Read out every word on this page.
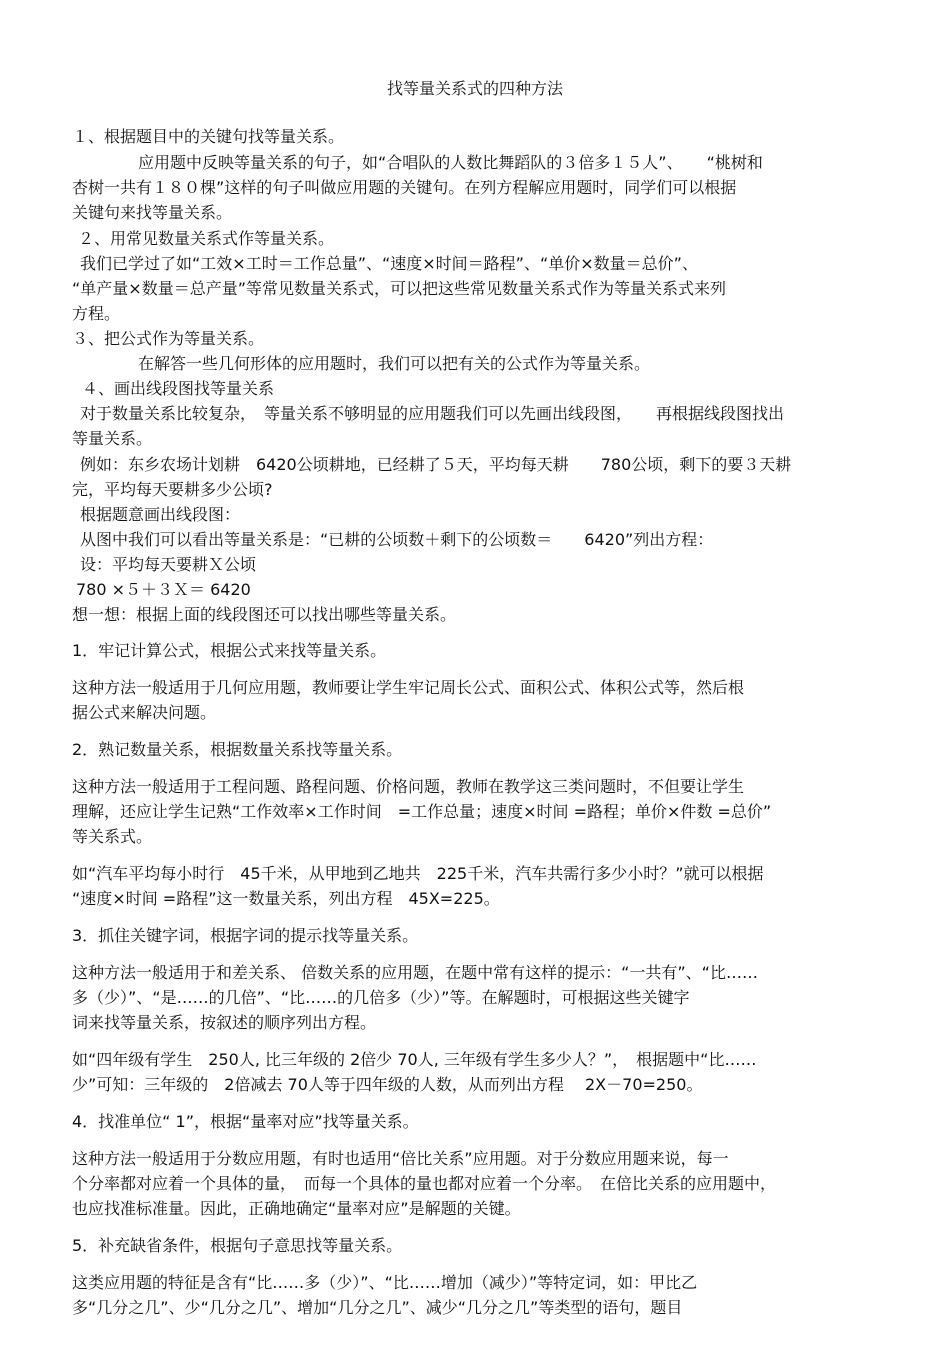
找等量关系式的四种方法
１、根据题目中的关键句找等量关系。
应用题中反映等量关系的句子，如“合唱队的人数比舞蹈队的３倍多１５人”、　　“桃树和
杏树一共有１８０棵”这样的句子叫做应用题的关键句。在列方程解应用题时，同学们可以根据
关键句来找等量关系。
２、用常见数量关系式作等量关系。
我们已学过了如“工效×工时＝工作总量”、“速度×时间＝路程”、“单价×数量＝总价”、
“单产量×数量＝总产量”等常见数量关系式，可以把这些常见数量关系式作为等量关系式来列
方程。
３、把公式作为等量关系。
在解答一些几何形体的应用题时，我们可以把有关的公式作为等量关系。
４、画出线段图找等量关系
对于数量关系比较复杂，　等量关系不够明显的应用题我们可以先画出线段图，　　再根据线段图找出
等量关系。
例如：东乡农场计划耕　6420公顷耕地，已经耕了５天，平均每天耕　　780公顷，剩下的要３天耕
完，平均每天要耕多少公顷?
根据题意画出线段图：
从图中我们可以看出等量关系是：“已耕的公顷数＋剩下的公顷数＝　　6420”列出方程：
设：平均每天要耕Ｘ公顷
780 ×５＋３Ｘ＝ 6420
想一想：根据上面的线段图还可以找出哪些等量关系。
1．牢记计算公式，根据公式来找等量关系。
这种方法一般适用于几何应用题，教师要让学生牢记周长公式、面积公式、体积公式等，然后根
据公式来解决问题。
2．熟记数量关系，根据数量关系找等量关系。
这种方法一般适用于工程问题、路程问题、价格问题，教师在教学这三类问题时，不但要让学生
理解，还应让学生记熟“工作效率×工作时间　=工作总量；速度×时间 =路程；单价×件数 =总价”
等关系式。
如“汽车平均每小时行　45千米，从甲地到乙地共　225千米，汽车共需行多少小时？”就可以根据
“速度×时间 =路程”这一数量关系，列出方程　45X=225。
3．抓住关键字词，根据字词的提示找等量关系。
这种方法一般适用于和差关系、 倍数关系的应用题，在题中常有这样的提示：“一共有”、“比……
多（少）”、“是……的几倍”、“比……的几倍多（少）”等。在解题时，可根据这些关键字
词来找等量关系，按叙述的顺序列出方程。
如“四年级有学生　250人, 比三年级的 2倍少 70人, 三年级有学生多少人？”，　根据题中“比……
少”可知：三年级的　2倍减去 70人等于四年级的人数，从而列出方程　 2X－70=250。
4．找准单位“ 1”，根据“量率对应”找等量关系。
这种方法一般适用于分数应用题，有时也适用“倍比关系”应用题。对于分数应用题来说，每一
个分率都对应着一个具体的量，　而每一个具体的量也都对应着一个分率。　在倍比关系的应用题中，
也应找准标准量。因此，正确地确定“量率对应”是解题的关键。
5．补充缺省条件，根据句子意思找等量关系。
这类应用题的特征是含有“比……多（少）”、“比……增加（减少）”等特定词，如：甲比乙
多“几分之几”、少“几分之几”、增加“几分之几”、减少“几分之几”等类型的语句，题目
